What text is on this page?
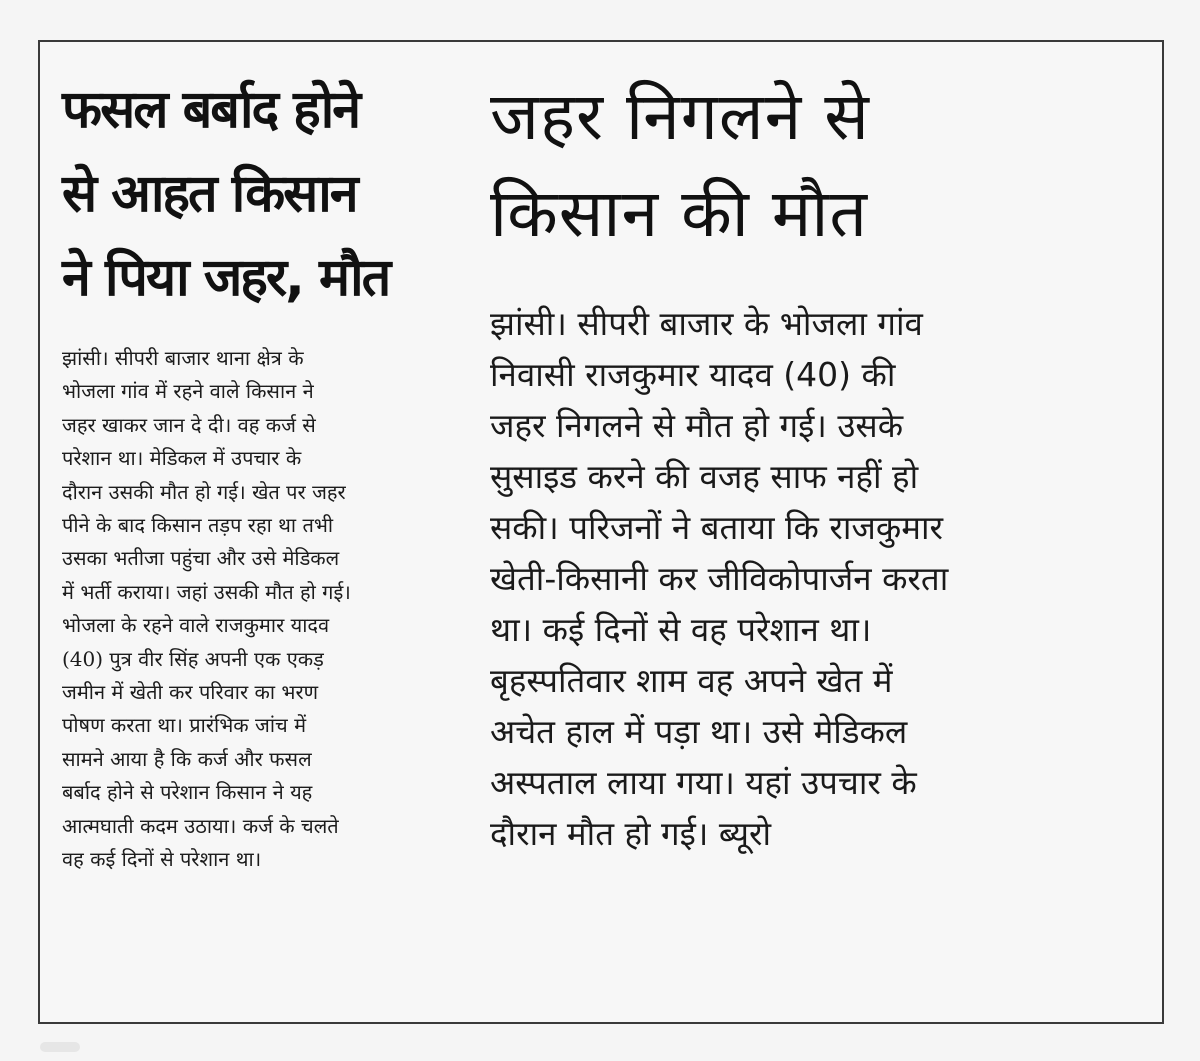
फसल बर्बाद होने
से आहत किसान
ने पिया जहर, मौत
झांसी। सीपरी बाजार थाना क्षेत्र के
भोजला गांव में रहने वाले किसान ने
जहर खाकर जान दे दी। वह कर्ज से
परेशान था। मेडिकल में उपचार के
दौरान उसकी मौत हो गई। खेत पर जहर
पीने के बाद किसान तड़प रहा था तभी
उसका भतीजा पहुंचा और उसे मेडिकल
में भर्ती कराया। जहां उसकी मौत हो गई।
भोजला के रहने वाले राजकुमार यादव
(40) पुत्र वीर सिंह अपनी एक एकड़
जमीन में खेती कर परिवार का भरण
पोषण करता था। प्रारंभिक जांच में
सामने आया है कि कर्ज और फसल
बर्बाद होने से परेशान किसान ने यह
आत्मघाती कदम उठाया। कर्ज के चलते
वह कई दिनों से परेशान था।
जहर निगलने से
किसान की मौत
झांसी। सीपरी बाजार के भोजला गांव
निवासी राजकुमार यादव (40) की
जहर निगलने से मौत हो गई। उसके
सुसाइड करने की वजह साफ नहीं हो
सकी। परिजनों ने बताया कि राजकुमार
खेती-किसानी कर जीविकोपार्जन करता
था। कई दिनों से वह परेशान था।
बृहस्पतिवार शाम वह अपने खेत में
अचेत हाल में पड़ा था। उसे मेडिकल
अस्पताल लाया गया। यहां उपचार के
दौरान मौत हो गई। ब्यूरो
